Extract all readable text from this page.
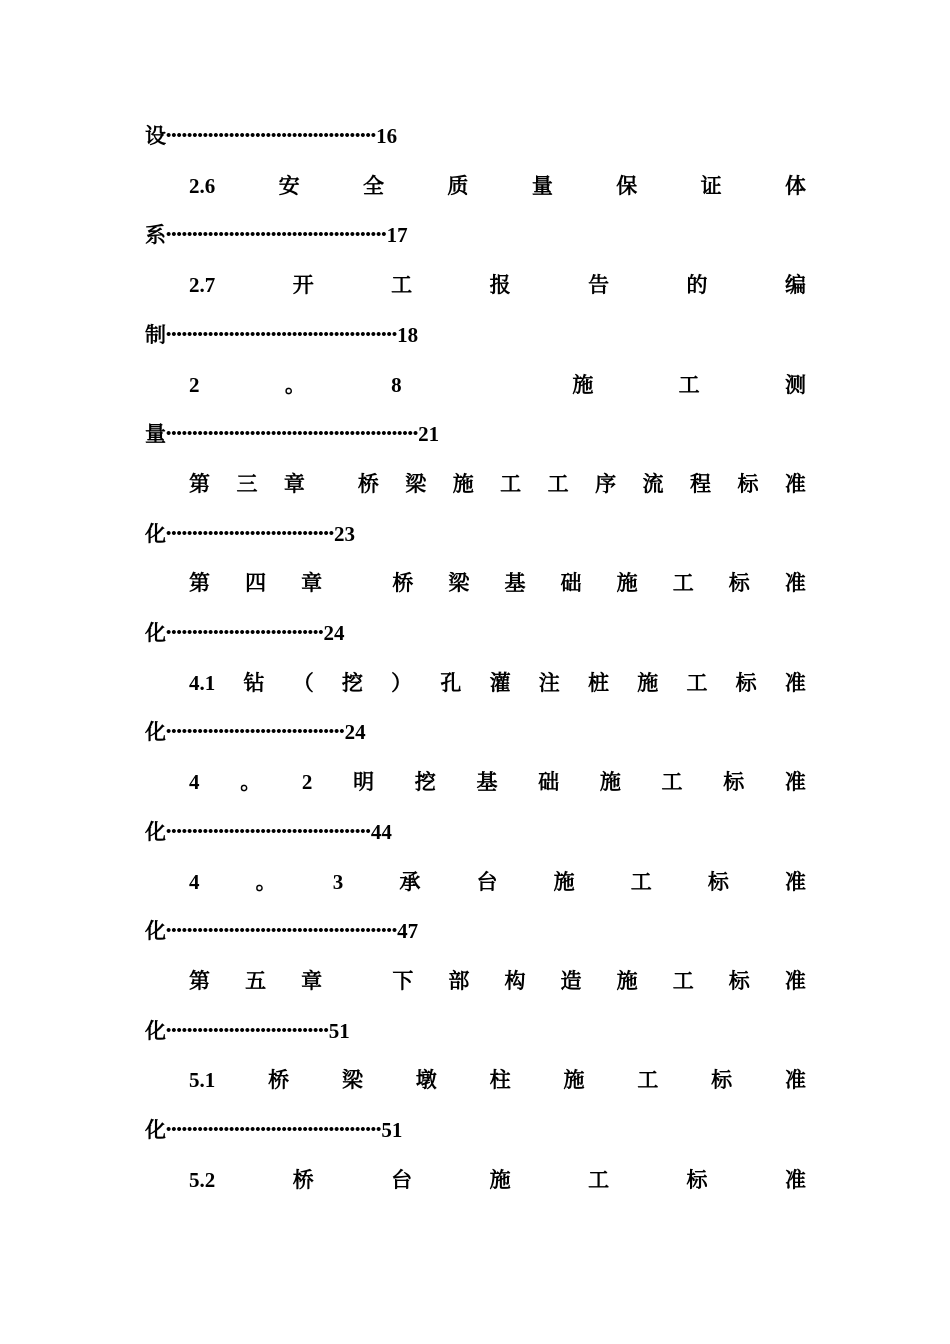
设 •••••••••••••••••••••••••••••••••••••••• 16
2.6	安	全	质	量	保	证	体
系 •••••••••••••••••••••••••••••••••••••••••• 17
2.7	开	工	报	告	的	编
制 •••••••••••••••••••••••••••••••••••••••••••• 18
2	。	8	施	工	测
量 •••••••••••••••••••••••••••••••••••••••••••••••• 21
第 三 章	桥 梁 施 工 工 序 流 程 标 准
化 •••••••••••••••••••••••••••••••• 23
第 四 章	桥 梁 基 础 施 工 标 准
化 •••••••••••••••••••••••••••••• 24
4.1 钻 （ 挖 ） 孔 灌 注 桩 施 工 标 准
化 •••••••••••••••••••••••••••••••••• 24
4 。 2 明 挖 基 础 施 工 标 准
化 ••••••••••••••••••••••••••••••••••••••• 44
4	。	3	承	台	施	工	标	准
化 •••••••••••••••••••••••••••••••••••••••••••• 47
第 五 章	下 部 构 造 施 工 标 准
化 ••••••••••••••••••••••••••••••• 51
5.1	桥	梁	墩	柱	施	工	标	准
化 ••••••••••••••••••••••••••••••••••••••••• 51
5.2	桥	台	施	工	标	准
